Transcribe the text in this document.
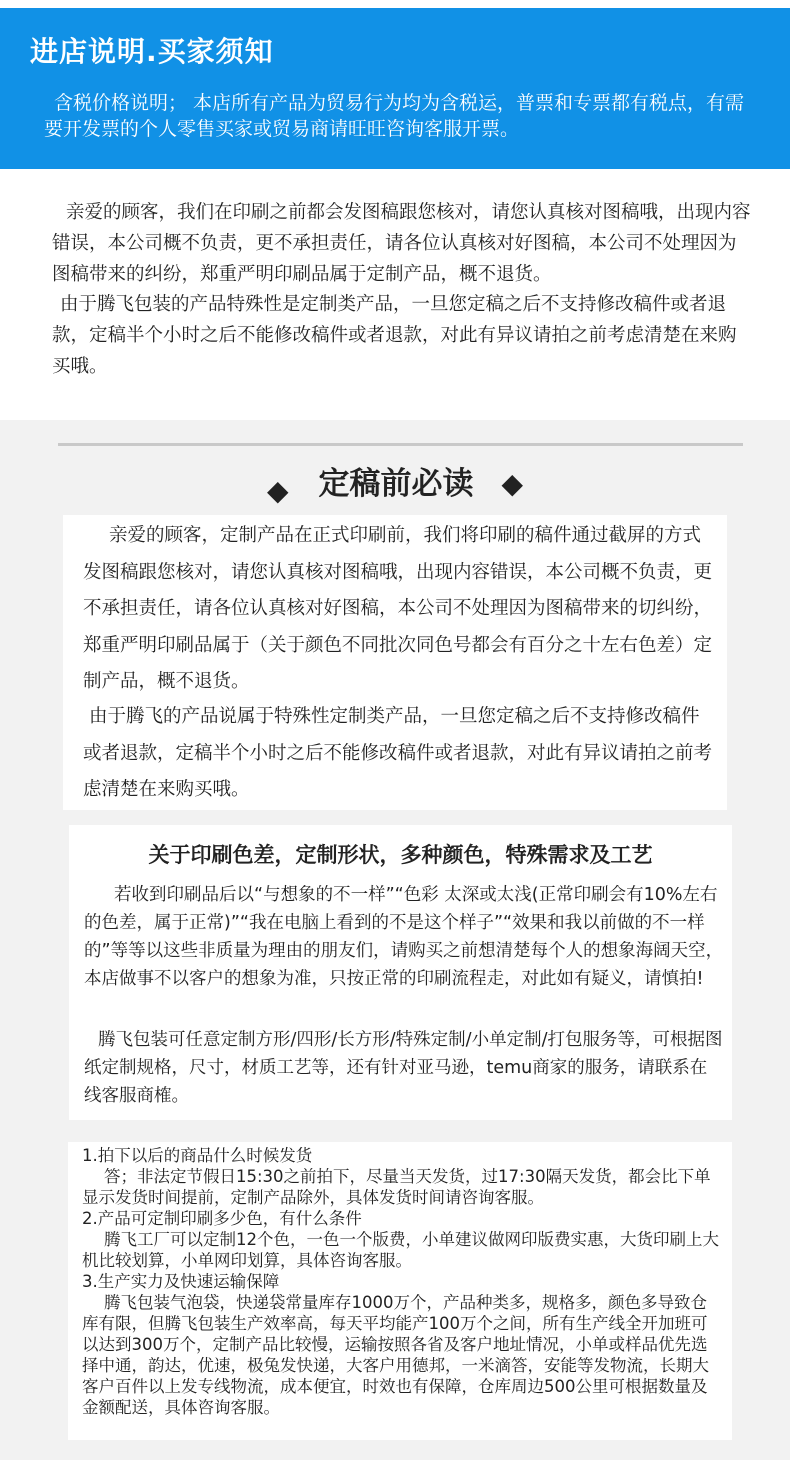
进店说明.买家须知
含税价格说明； 本店所有产品为贸易行为均为含税运，普票和专票都有税点，有需要开发票的个人零售买家或贸易商请旺旺咨询客服开票。
亲爱的顾客，我们在印刷之前都会发图稿跟您核对，请您认真核对图稿哦，出现内容错误，本公司概不负责，更不承担责任，请各位认真核对好图稿，本公司不处理因为图稿带来的纠纷，郑重严明印刷品属于定制产品，概不退货。
由于腾飞包装的产品特殊性是定制类产品，一旦您定稿之后不支持修改稿件或者退款，定稿半个小时之后不能修改稿件或者退款，对此有异议请拍之前考虑清楚在来购买哦。
◆ 定稿前必读 ◆
亲爱的顾客，定制产品在正式印刷前，我们将印刷的稿件通过截屏的方式发图稿跟您核对，请您认真核对图稿哦，出现内容错误，本公司概不负责，更不承担责任，请各位认真核对好图稿，本公司不处理因为图稿带来的切纠纷，郑重严明印刷品属于（关于颜色不同批次同色号都会有百分之十左右色差）定制产品，概不退货。
由于腾飞的产品说属于特殊性定制类产品，一旦您定稿之后不支持修改稿件或者退款，定稿半个小时之后不能修改稿件或者退款，对此有异议请拍之前考虑清楚在来购买哦。
关于印刷色差，定制形状，多种颜色，特殊需求及工艺
若收到印刷品后以“与想象的不一样”“色彩 太深或太浅(正常印刷会有10%左右的色差，属于正常)”“我在电脑上看到的不是这个样子”“效果和我以前做的不一样的”等等以这些非质量为理由的朋友们，请购买之前想清楚每个人的想象海阔天空，本店做事不以客户的想象为准，只按正常的印刷流程走，对此如有疑义，请慎拍!
腾飞包装可任意定制方形/四形/长方形/特殊定制/小单定制/打包服务等，可根据图纸定制规格，尺寸，材质工艺等，还有针对亚马逊，temu商家的服务，请联系在线客服商榷。
1.拍下以后的商品什么时候发货
答；非法定节假日15:30之前拍下，尽量当天发货，过17:30隔天发货，都会比下单显示发货时间提前，定制产品除外，具体发货时间请咨询客服。
2.产品可定制印刷多少色，有什么条件
腾飞工厂可以定制12个色，一色一个版费，小单建议做网印版费实惠，大货印刷上大机比较划算，小单网印划算，具体咨询客服。
3.生产实力及快速运输保障
腾飞包装气泡袋，快递袋常量库存1000万个，产品种类多，规格多，颜色多导致仓库有限，但腾飞包装生产效率高，每天平均能产100万个之间，所有生产线全开加班可以达到300万个，定制产品比较慢，运输按照各省及客户地址情况，小单或样品优先选择中通，韵达，优速，极兔发快递，大客户用德邦，一米滴答，安能等发物流，长期大客户百件以上发专线物流，成本便宜，时效也有保障，仓库周边500公里可根据数量及金额配送，具体咨询客服。
